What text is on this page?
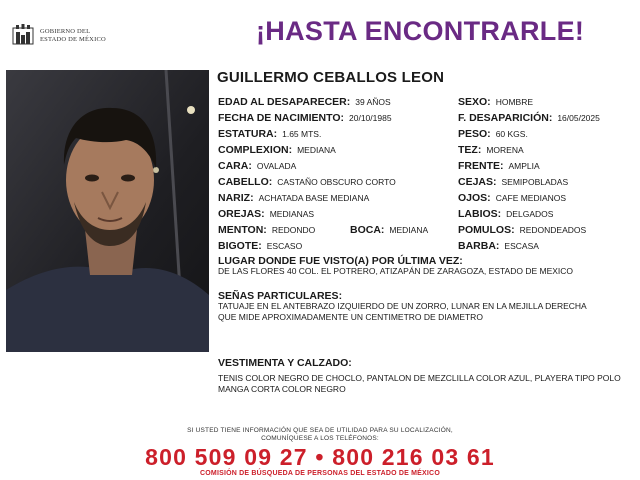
GOBIERNO DEL
ESTADO DE MÉXICO	¡HASTA ENCONTRARLE!
GUILLERMO CEBALLOS LEON
EDAD AL DESAPARECER: 39 AÑOS
FECHA DE NACIMIENTO: 20/10/1985
ESTATURA: 1.65 MTS.
COMPLEXION: MEDIANA
CARA: OVALADA
CABELLO: CASTAÑO OBSCURO CORTO
NARIZ: ACHATADA BASE MEDIANA
OREJAS: MEDIANAS
MENTON: REDONDO	BOCA: MEDIANA
BIGOTE: ESCASO
SEXO: HOMBRE
F. DESAPARICIÓN: 16/05/2025
PESO: 60 KGS.
TEZ: MORENA
FRENTE: AMPLIA
CEJAS: SEMIPOBLADAS
OJOS: CAFE MEDIANOS
LABIOS: DELGADOS
POMULOS: REDONDEADOS
BARBA: ESCASA
LUGAR DONDE FUE VISTO(A) POR ÚLTIMA VEZ:
DE LAS FLORES 40 COL. EL POTRERO, ATIZAPÁN DE ZARAGOZA, ESTADO DE MEXICO
SEÑAS PARTICULARES:
TATUAJE EN EL ANTEBRAZO IZQUIERDO DE UN ZORRO, LUNAR EN LA MEJILLA DERECHA QUE MIDE APROXIMADAMENTE UN CENTIMETRO DE DIAMETRO
VESTIMENTA Y CALZADO:
TENIS COLOR NEGRO DE CHOCLO, PANTALON DE MEZCLILLA COLOR AZUL, PLAYERA TIPO POLO MANGA CORTA COLOR NEGRO
SI USTED TIENE INFORMACIÓN QUE SEA DE UTILIDAD PARA SU LOCALIZACIÓN,
COMUNÍQUESE A LOS TELÉFONOS:
800 509 09 27 • 800 216 03 61
COMISIÓN DE BÚSQUEDA DE PERSONAS DEL ESTADO DE MÉXICO
